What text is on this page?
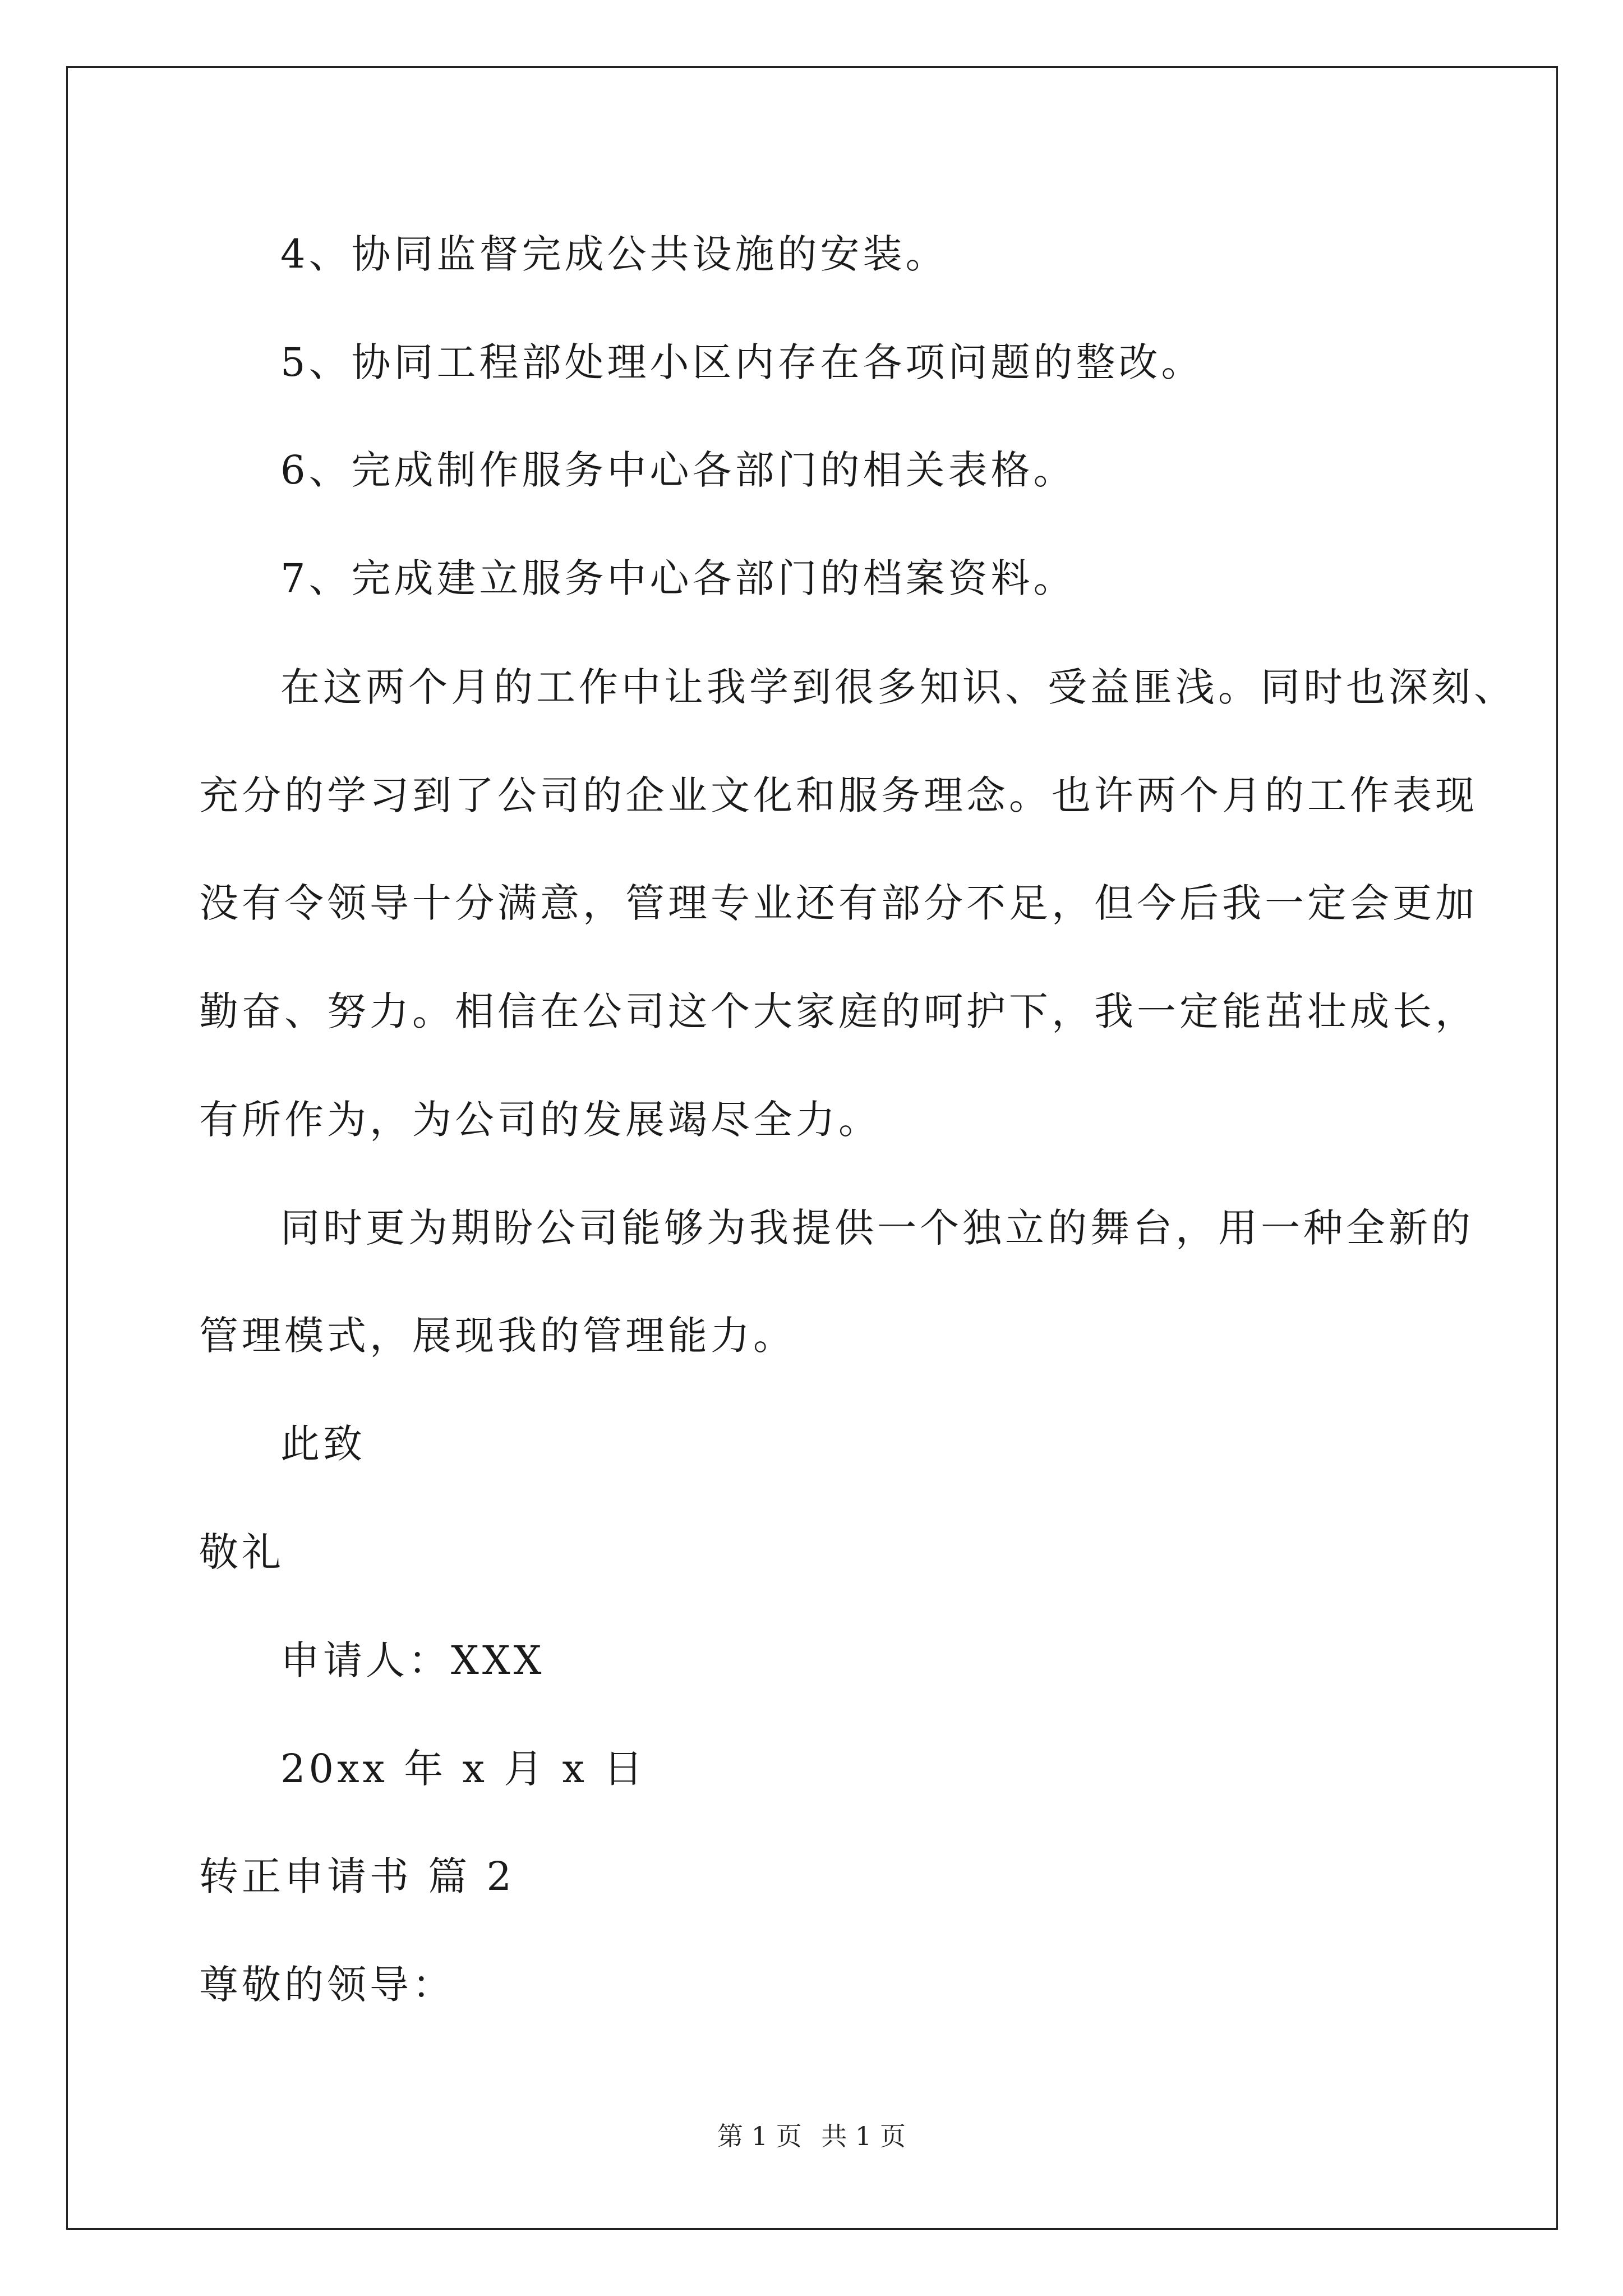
4、协同监督完成公共设施的安装。
5、协同工程部处理小区内存在各项问题的整改。
6、完成制作服务中心各部门的相关表格。
7、完成建立服务中心各部门的档案资料。
在这两个月的工作中让我学到很多知识、受益匪浅。同时也深刻、
充分的学习到了公司的企业文化和服务理念。也许两个月的工作表现
没有令领导十分满意，管理专业还有部分不足，但今后我一定会更加
勤奋、努力。相信在公司这个大家庭的呵护下，我一定能茁壮成长，
有所作为，为公司的发展竭尽全力。
同时更为期盼公司能够为我提供一个独立的舞台，用一种全新的
管理模式，展现我的管理能力。
此致
敬礼
申请人：XXX
20xx 年 x 月 x 日
转正申请书 篇 2
尊敬的领导：
第 1 页 共 1 页
